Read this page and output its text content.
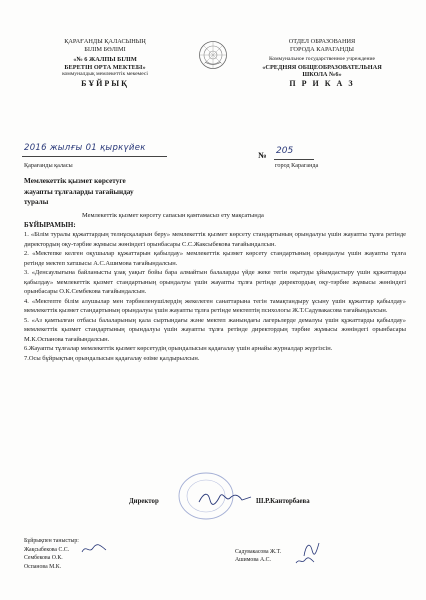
ҚАРАҒАНДЫ ҚАЛАСЫНЫҢ
БІЛІМ БӨЛІМІ
«№ 6 ЖАЛПЫ БІЛІМ
БЕРЕТІН ОРТА МЕКТЕБІ»
коммуналдық мемлекеттік мекемесі
БҰЙРЫҚ
ОТДЕЛ ОБРАЗОВАНИЯ
ГОРОДА КАРАГАНДЫ
Коммунальное государственное учреждение
«СРЕДНЯЯ ОБЩЕОБРАЗОВАТЕЛЬНАЯ
ШКОЛА №6»
П Р И К А З
2016 жылғы 01 қыркүйек
Қарағанды қаласы
№ 205
город Караганда
Мемлекеттік қызмет көрсетуге
жауапты тұлғаларды тағайындау
туралы

Мемлекеттік қызмет көрсету сапасын қамтамасыз ету мақсатында

БҰЙЫРАМЫН:

1. «Білім туралы құжаттардың телнұсқаларын беру» мемлекеттік қызмет көрсету стандартының орындалуы үшін жауапты тұлға ретінде директордың оқу-тәрбие жұмысы жөніндегі орынбасары С.С.Жаксыбекова тағайындалсын.

2. «Мектепке келген оқушылар құжаттарын қабылдау» мемлекеттік қызмет көрсету стандартының орындалуы үшін жауапты тұлға ретінде мектеп хатшысы А.С.Ашимова тағайындалсын.

3. «Денсаулығына байланысты ұзақ уақыт бойы бара алмайтын балаларды үйде жеке тегін оқытуды ұйымдастыру үшін құжаттарды қабылдау» мемлекеттік қызмет стандартының орындалуы үшін жауапты тұлға ретінде директордың оқу-тәрбие жұмысы жөніндегі орынбасары О.К.Сембекова тағайындалсын.

4. «Мектепте білім алушылар мен тәрбиеленушілердің жекелеген санаттарына тегін тамақтандыру ұсыну үшін құжаттар қабылдау» мемлекеттік қызмет стандартының орындалуы үшін жауапты тұлға ретінде мектептің психологы Ж.Т.Садувакасова тағайындалсын.

5. «Аз қамтылған отбасы балаларының қала сыртындағы және мектеп жанындағы лагерьлерде демалуы үшін құжаттарды қабылдау» мемлекеттік қызмет стандартының орындалуы үшін жауапты тұлға ретінде директордың тәрбие жұмысы жөніндегі орынбасары М.К.Оспанова тағайындалсын.

6.Жауапты тұлғалар мемлекеттік қызмет көрсетудің орындалысын қадағалау үшін арнайы журналдар жүргізсін.

7.Осы бұйрықтың орындалысын қадағалау өзіме қалдырылсын.

Директор	Ш.Р.Канторбаева
Бұйрықпен таныстыр:
Жақсыбекова С.С.
Сембекова О.К.
Оспанова М.К.
Садувакасова Ж.Т.
Ашимова А.С.
